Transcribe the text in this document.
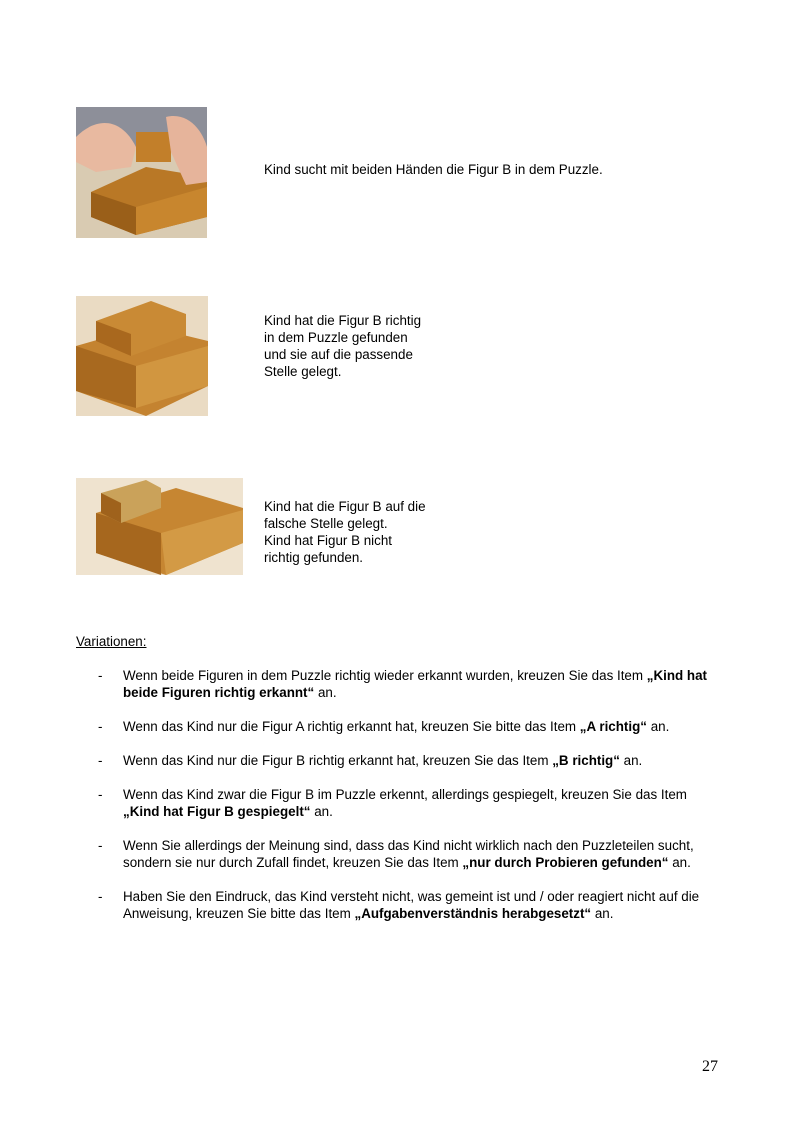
Kind sucht mit beiden Händen die Figur B in dem Puzzle.
Kind hat die Figur B richtig
in dem Puzzle gefunden
und sie auf die passende
Stelle gelegt.
Kind hat die Figur B auf die
falsche Stelle gelegt.
Kind hat Figur B nicht
richtig gefunden.
Variationen:
- Wenn beide Figuren in dem Puzzle richtig wieder erkannt wurden, kreuzen Sie das Item „Kind hat beide Figuren richtig erkannt“ an.
- Wenn das Kind nur die Figur A richtig erkannt hat, kreuzen Sie bitte das Item „A richtig“ an.
- Wenn das Kind nur die Figur B richtig erkannt hat, kreuzen Sie das Item „B richtig“ an.
- Wenn das Kind zwar die Figur B im Puzzle erkennt, allerdings gespiegelt, kreuzen Sie das Item „Kind hat Figur B gespiegelt“ an.
- Wenn Sie allerdings der Meinung sind, dass das Kind nicht wirklich nach den Puzzleteilen sucht, sondern sie nur durch Zufall findet, kreuzen Sie das Item „nur durch Probieren gefunden“ an.
- Haben Sie den Eindruck, das Kind versteht nicht, was gemeint ist und / oder reagiert nicht auf die Anweisung, kreuzen Sie bitte das Item „Aufgabenverständnis herabgesetzt“ an.
27
